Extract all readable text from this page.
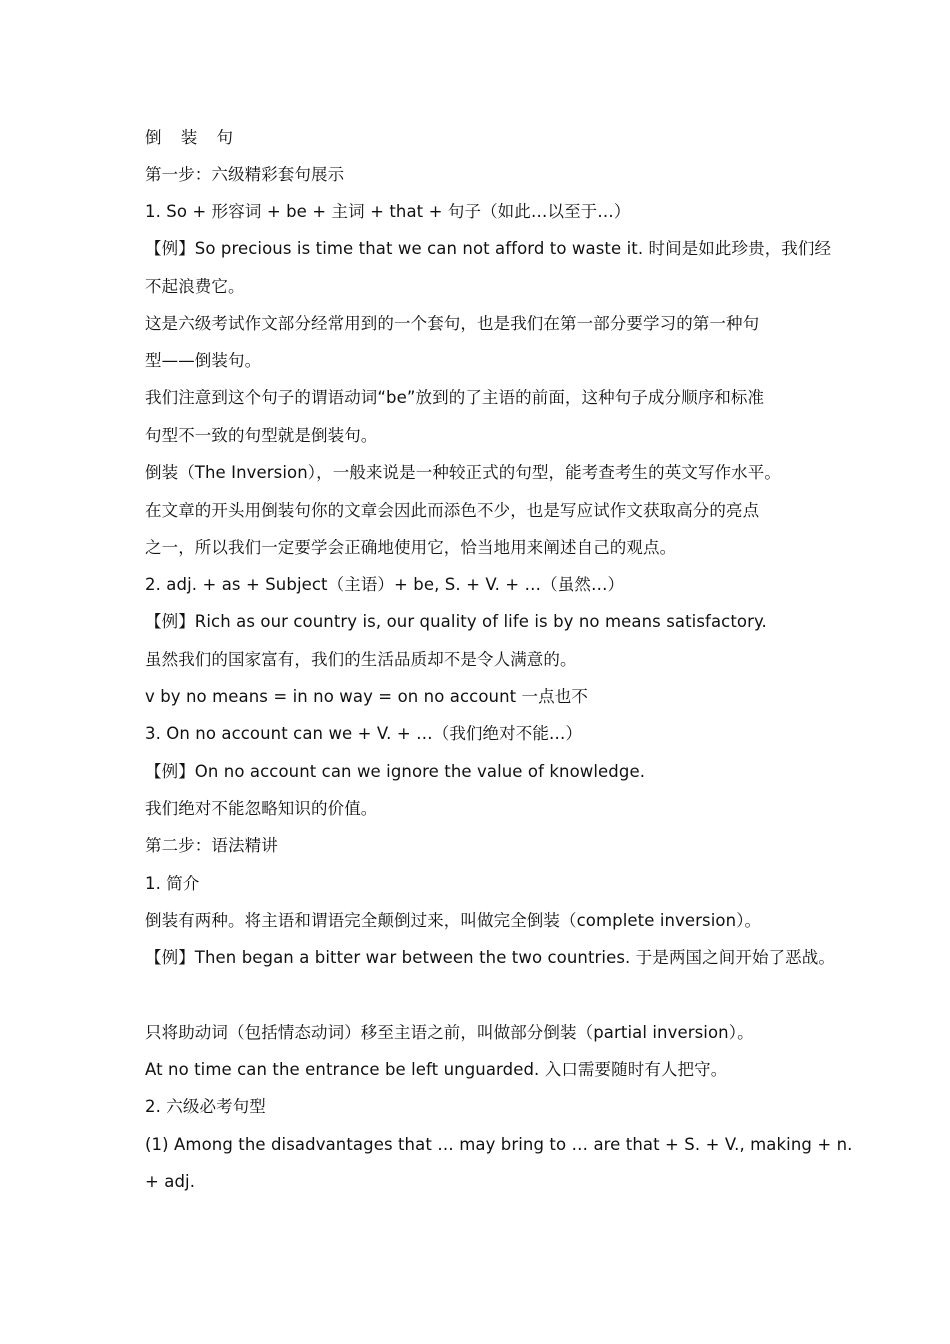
倒 装 句
第一步：六级精彩套句展示
1. So + 形容词 + be + 主词 + that + 句子（如此…以至于…）
【例】So precious is time that we can not afford to waste it. 时间是如此珍贵，我们经
不起浪费它。
这是六级考试作文部分经常用到的一个套句，也是我们在第一部分要学习的第一种句
型——倒装句。
我们注意到这个句子的谓语动词“be”放到的了主语的前面，这种句子成分顺序和标准
句型不一致的句型就是倒装句。
倒装（The Inversion），一般来说是一种较正式的句型，能考查考生的英文写作水平。
在文章的开头用倒装句你的文章会因此而添色不少，也是写应试作文获取高分的亮点
之一，所以我们一定要学会正确地使用它，恰当地用来阐述自己的观点。
2. adj. + as + Subject（主语）+ be, S. + V. + …（虽然…）
【例】Rich as our country is, our quality of life is by no means satisfactory.
虽然我们的国家富有，我们的生活品质却不是令人满意的。
v by no means = in no way = on no account 一点也不
3. On no account can we + V. + …（我们绝对不能…）
【例】On no account can we ignore the value of knowledge.
我们绝对不能忽略知识的价值。
第二步：语法精讲
1. 简介
倒装有两种。将主语和谓语完全颠倒过来，叫做完全倒装（complete inversion）。
【例】Then began a bitter war between the two countries. 于是两国之间开始了恶战。
只将助动词（包括情态动词）移至主语之前，叫做部分倒装（partial inversion）。
At no time can the entrance be left unguarded. 入口需要随时有人把守。
2. 六级必考句型
(1) Among the disadvantages that … may bring to … are that + S. + V., making + n.
+ adj.
